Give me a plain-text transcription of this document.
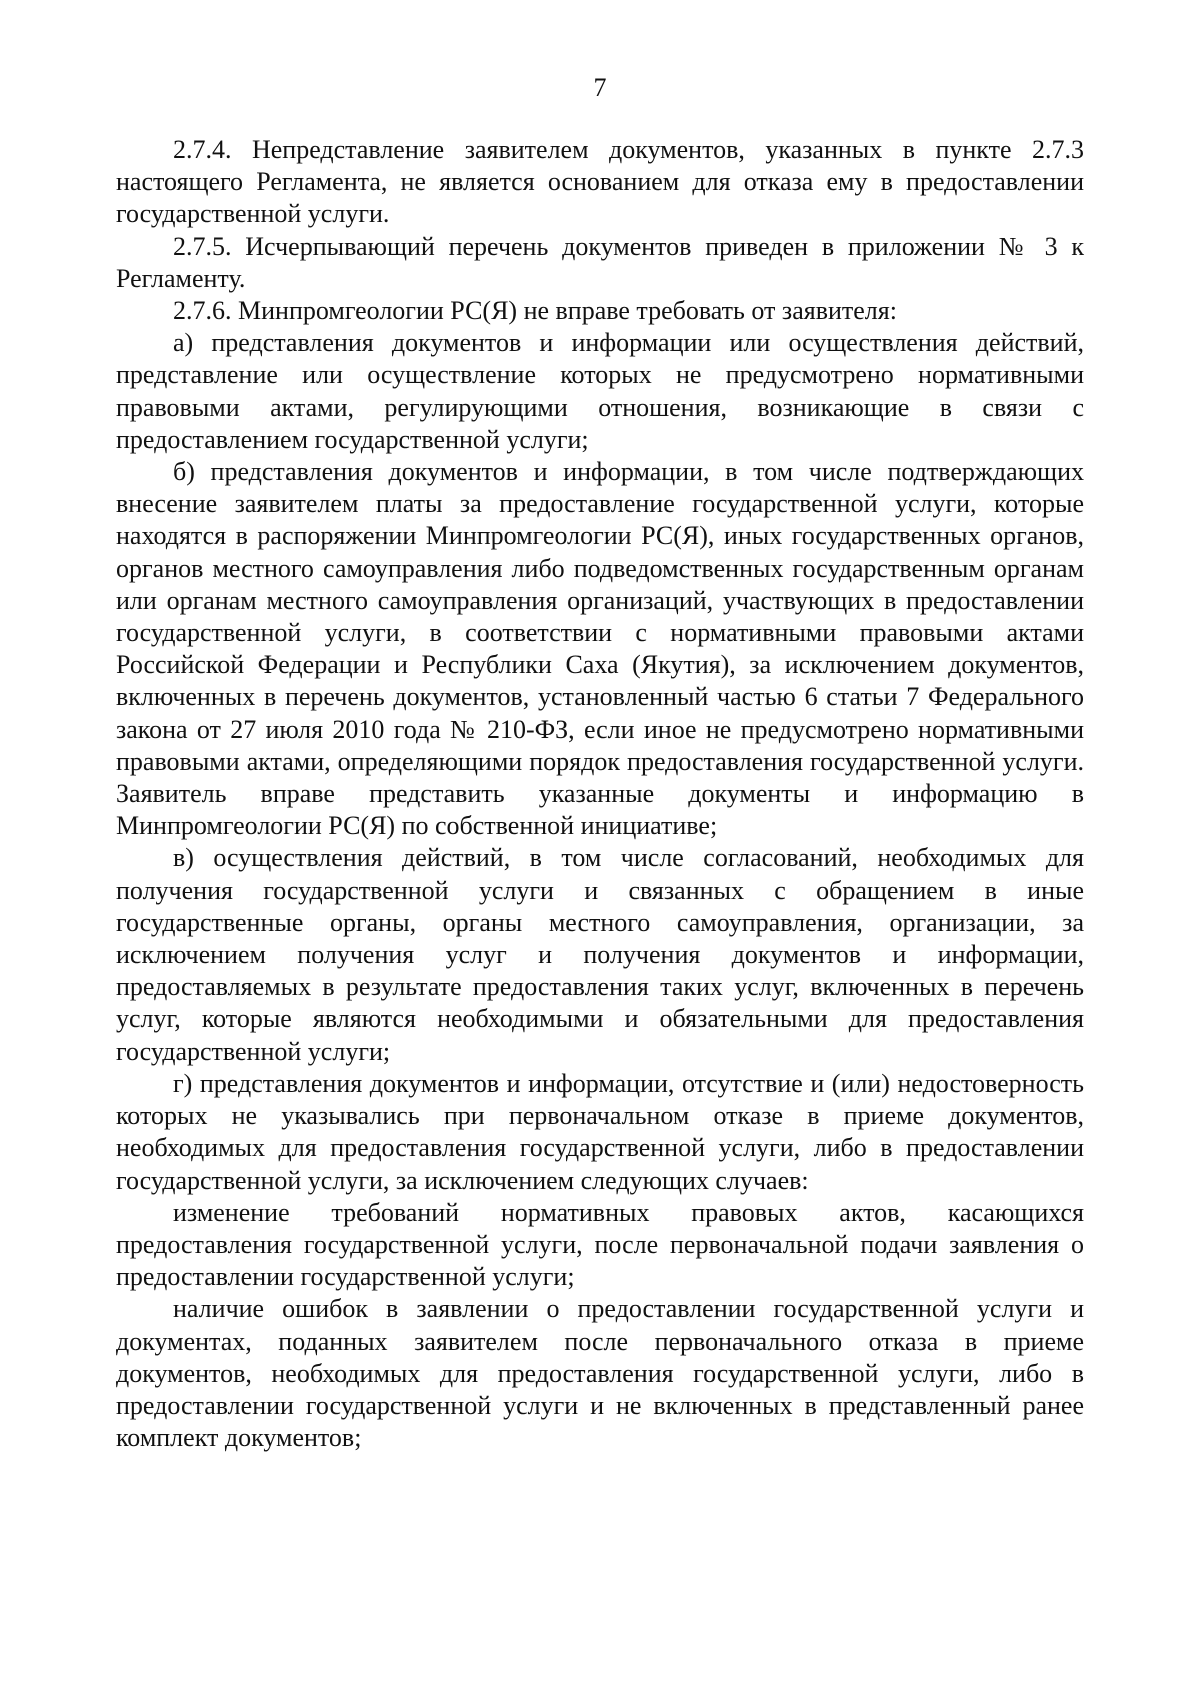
7

2.7.4. Непредставление заявителем документов, указанных в пункте 2.7.3 настоящего Регламента, не является основанием для отказа ему в предоставлении государственной услуги.

2.7.5. Исчерпывающий перечень документов приведен в приложении № 3 к Регламенту.

2.7.6. Минпромгеологии РС(Я) не вправе требовать от заявителя:

а) представления документов и информации или осуществления действий, представление или осуществление которых не предусмотрено нормативными правовыми актами, регулирующими отношения, возникающие в связи с предоставлением государственной услуги;

б) представления документов и информации, в том числе подтверждающих внесение заявителем платы за предоставление государственной услуги, которые находятся в распоряжении Минпромгеологии РС(Я), иных государственных органов, органов местного самоуправления либо подведомственных государственным органам или органам местного самоуправления организаций, участвующих в предоставлении государственной услуги, в соответствии с нормативными правовыми актами Российской Федерации и Республики Саха (Якутия), за исключением документов, включенных в перечень документов, установленный частью 6 статьи 7 Федерального закона от 27 июля 2010 года № 210-ФЗ, если иное не предусмотрено нормативными правовыми актами, определяющими порядок предоставления государственной услуги. Заявитель вправе представить указанные документы и информацию в Минпромгеологии РС(Я) по собственной инициативе;

в) осуществления действий, в том числе согласований, необходимых для получения государственной услуги и связанных с обращением в иные государственные органы, органы местного самоуправления, организации, за исключением получения услуг и получения документов и информации, предоставляемых в результате предоставления таких услуг, включенных в перечень услуг, которые являются необходимыми и обязательными для предоставления государственной услуги;

г) представления документов и информации, отсутствие и (или) недостоверность которых не указывались при первоначальном отказе в приеме документов, необходимых для предоставления государственной услуги, либо в предоставлении государственной услуги, за исключением следующих случаев:

изменение требований нормативных правовых актов, касающихся предоставления государственной услуги, после первоначальной подачи заявления о предоставлении государственной услуги;

наличие ошибок в заявлении о предоставлении государственной услуги и документах, поданных заявителем после первоначального отказа в приеме документов, необходимых для предоставления государственной услуги, либо в предоставлении государственной услуги и не включенных в представленный ранее комплект документов;
